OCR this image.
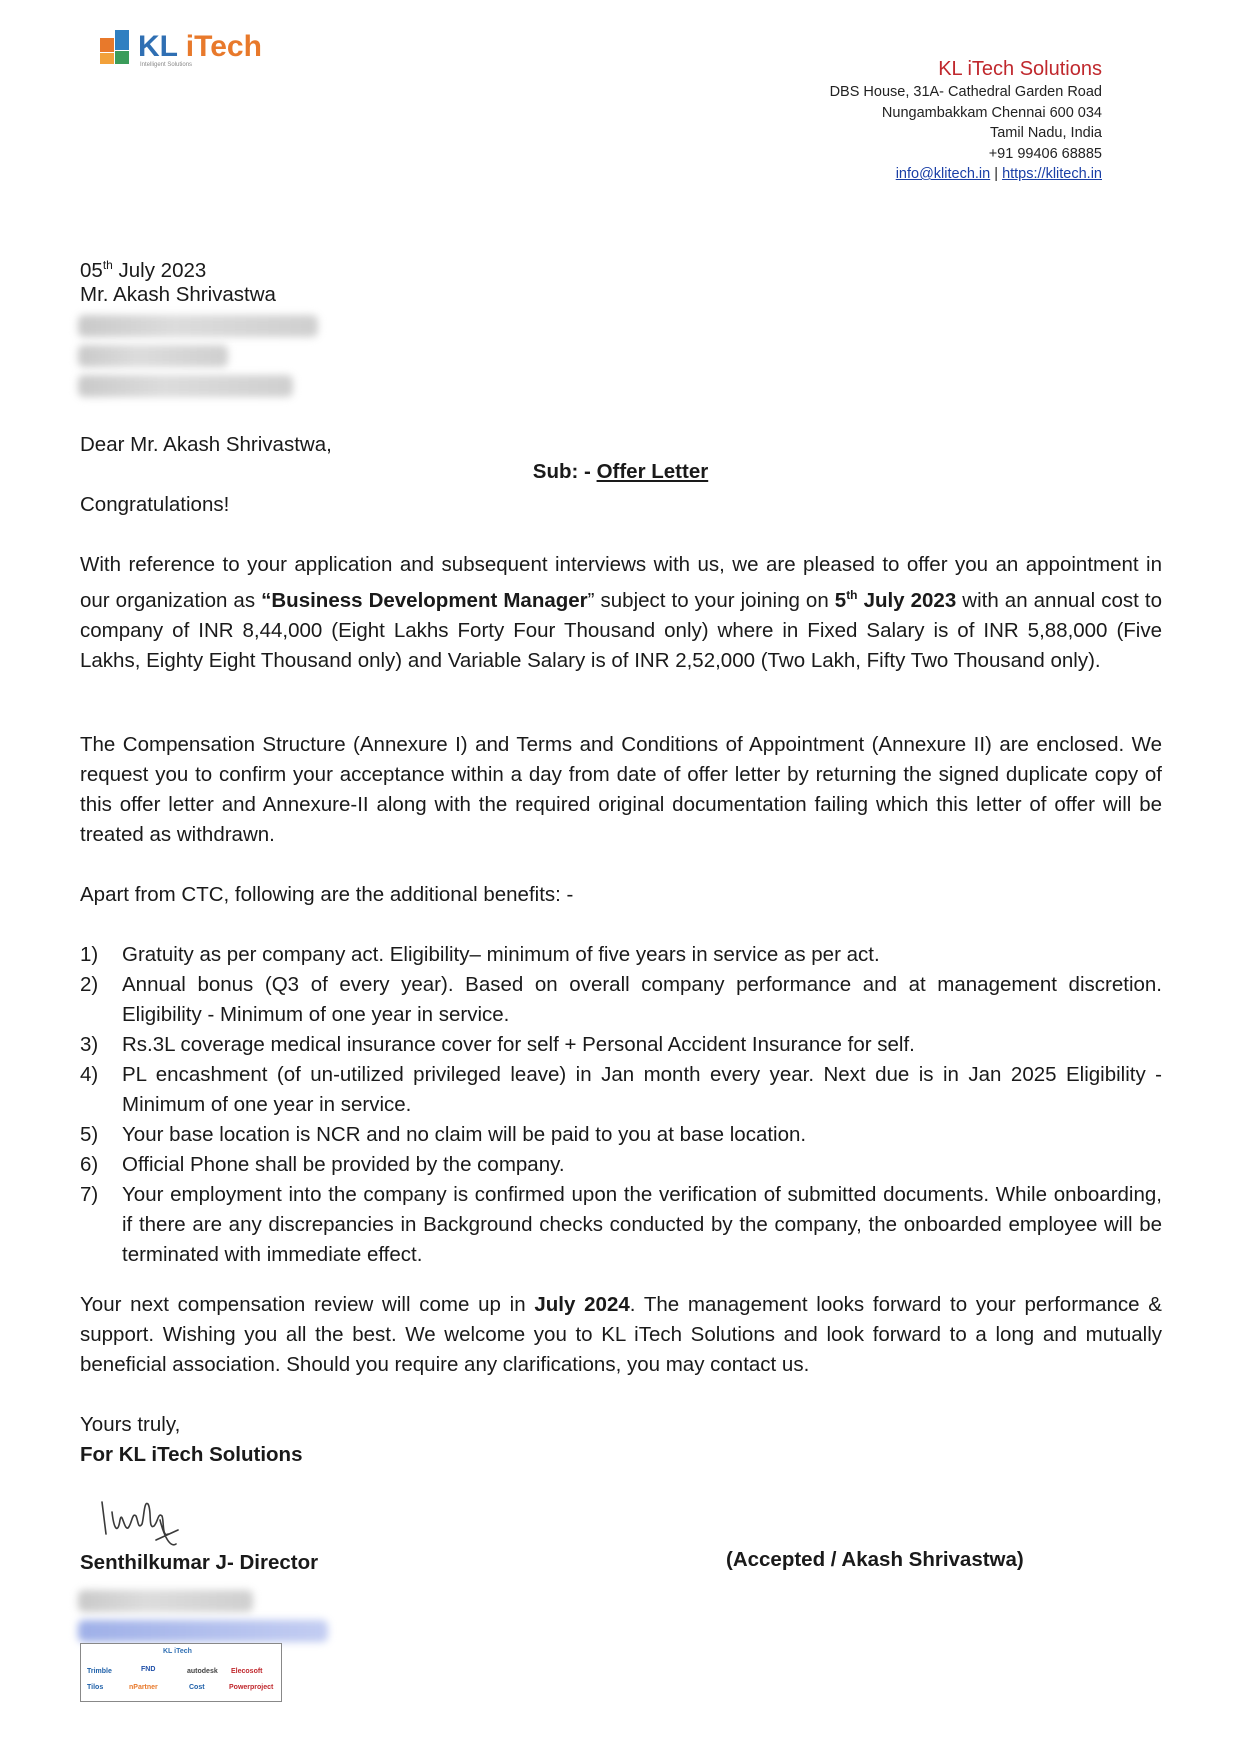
KL iTech
Intelligent Solutions	KL iTech Solutions
DBS House, 31A- Cathedral Garden Road
Nungambakkam Chennai 600 034
Tamil Nadu, India
+91 99406 68885
info@klitech.in | https://klitech.in
05th July 2023
Mr. Akash Shrivastwa
Dear Mr. Akash Shrivastwa,
Sub: - Offer Letter
Congratulations!
With reference to your application and subsequent interviews with us, we are pleased to offer you an appointment in our organization as “Business Development Manager” subject to your joining on 5th July 2023 with an annual cost to company of INR 8,44,000 (Eight Lakhs Forty Four Thousand only) where in Fixed Salary is of INR 5,88,000 (Five Lakhs, Eighty Eight Thousand only) and Variable Salary is of INR 2,52,000 (Two Lakh, Fifty Two Thousand only).
The Compensation Structure (Annexure I) and Terms and Conditions of Appointment (Annexure II) are enclosed. We request you to confirm your acceptance within a day from date of offer letter by returning the signed duplicate copy of this offer letter and Annexure-II along with the required original documentation failing which this letter of offer will be treated as withdrawn.
Apart from CTC, following are the additional benefits: -
1) Gratuity as per company act. Eligibility– minimum of five years in service as per act.
2) Annual bonus (Q3 of every year). Based on overall company performance and at management discretion. Eligibility - Minimum of one year in service.
3) Rs.3L coverage medical insurance cover for self + Personal Accident Insurance for self.
4) PL encashment (of un-utilized privileged leave) in Jan month every year. Next due is in Jan 2025 Eligibility - Minimum of one year in service.
5) Your base location is NCR and no claim will be paid to you at base location.
6) Official Phone shall be provided by the company.
7) Your employment into the company is confirmed upon the verification of submitted documents. While onboarding, if there are any discrepancies in Background checks conducted by the company, the onboarded employee will be terminated with immediate effect.
Your next compensation review will come up in July 2024. The management looks forward to your performance & support. Wishing you all the best. We welcome you to KL iTech Solutions and look forward to a long and mutually beneficial association. Should you require any clarifications, you may contact us.
Yours truly,
For KL iTech Solutions
Senthilkumar J- Director	(Accepted / Akash Shrivastwa)
KL iTech
Trimble	FND	autodesk Elecosoft
Tilos	nPartner	Cost	Powerproject
